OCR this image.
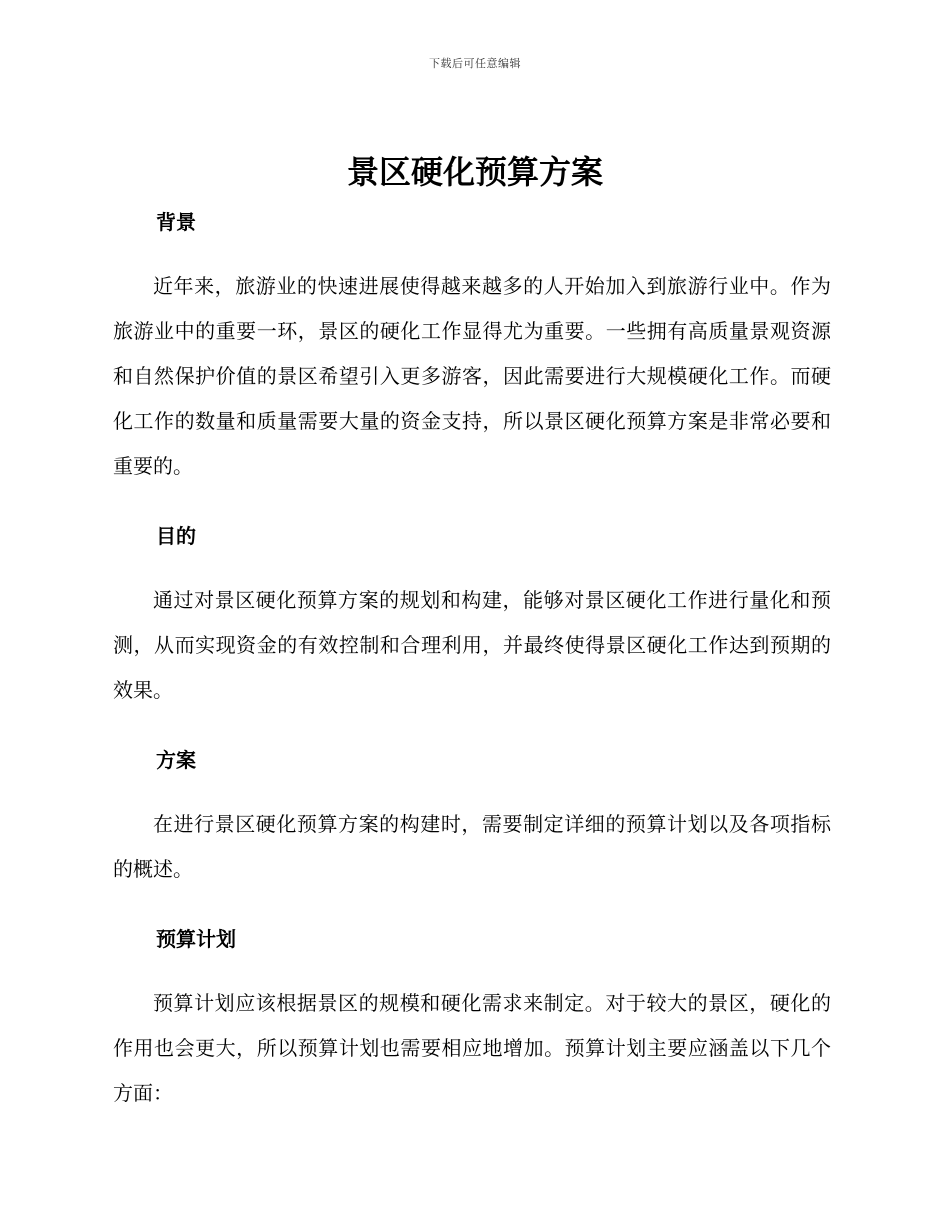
下载后可任意编辑
景区硬化预算方案
背景

近年来，旅游业的快速进展使得越来越多的人开始加入到旅游行业中。作为旅游业中的重要一环，景区的硬化工作显得尤为重要。一些拥有高质量景观资源和自然保护价值的景区希望引入更多游客，因此需要进行大规模硬化工作。而硬化工作的数量和质量需要大量的资金支持，所以景区硬化预算方案是非常必要和重要的。

目的

通过对景区硬化预算方案的规划和构建，能够对景区硬化工作进行量化和预测，从而实现资金的有效控制和合理利用，并最终使得景区硬化工作达到预期的效果。

方案

在进行景区硬化预算方案的构建时，需要制定详细的预算计划以及各项指标的概述。

预算计划

预算计划应该根据景区的规模和硬化需求来制定。对于较大的景区，硬化的作用也会更大，所以预算计划也需要相应地增加。预算计划主要应涵盖以下几个方面：
